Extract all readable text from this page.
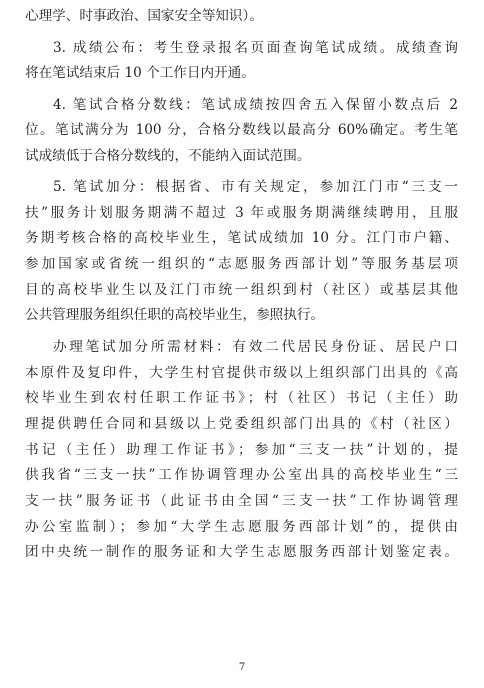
心理学、时事政治、国家安全等知识）。
3. 成绩公布：考生登录报名页面查询笔试成绩。成绩查询
将在笔试结束后 10 个工作日内开通。
4. 笔试合格分数线：笔试成绩按四舍五入保留小数点后 2
位。笔试满分为 100 分，合格分数线以最高分 60%确定。考生笔
试成绩低于合格分数线的，不能纳入面试范围。
5. 笔试加分：根据省、市有关规定，参加江门市“三支一
扶”服务计划服务期满不超过 3 年或服务期满继续聘用，且服
务期考核合格的高校毕业生，笔试成绩加 10 分。江门市户籍、
参加国家或省统一组织的“志愿服务西部计划”等服务基层项
目的高校毕业生以及江门市统一组织到村（社区）或基层其他
公共管理服务组织任职的高校毕业生，参照执行。
办理笔试加分所需材料：有效二代居民身份证、居民户口
本原件及复印件，大学生村官提供市级以上组织部门出具的《高
校毕业生到农村任职工作证书》；村（社区）书记（主任）助
理提供聘任合同和县级以上党委组织部门出具的《村（社区）
书记（主任）助理工作证书》；参加“三支一扶”计划的，提
供我省“三支一扶”工作协调管理办公室出具的高校毕业生“三
支一扶”服务证书（此证书由全国“三支一扶”工作协调管理
办公室监制）；参加“大学生志愿服务西部计划”的，提供由
团中央统一制作的服务证和大学生志愿服务西部计划鉴定表。
7
